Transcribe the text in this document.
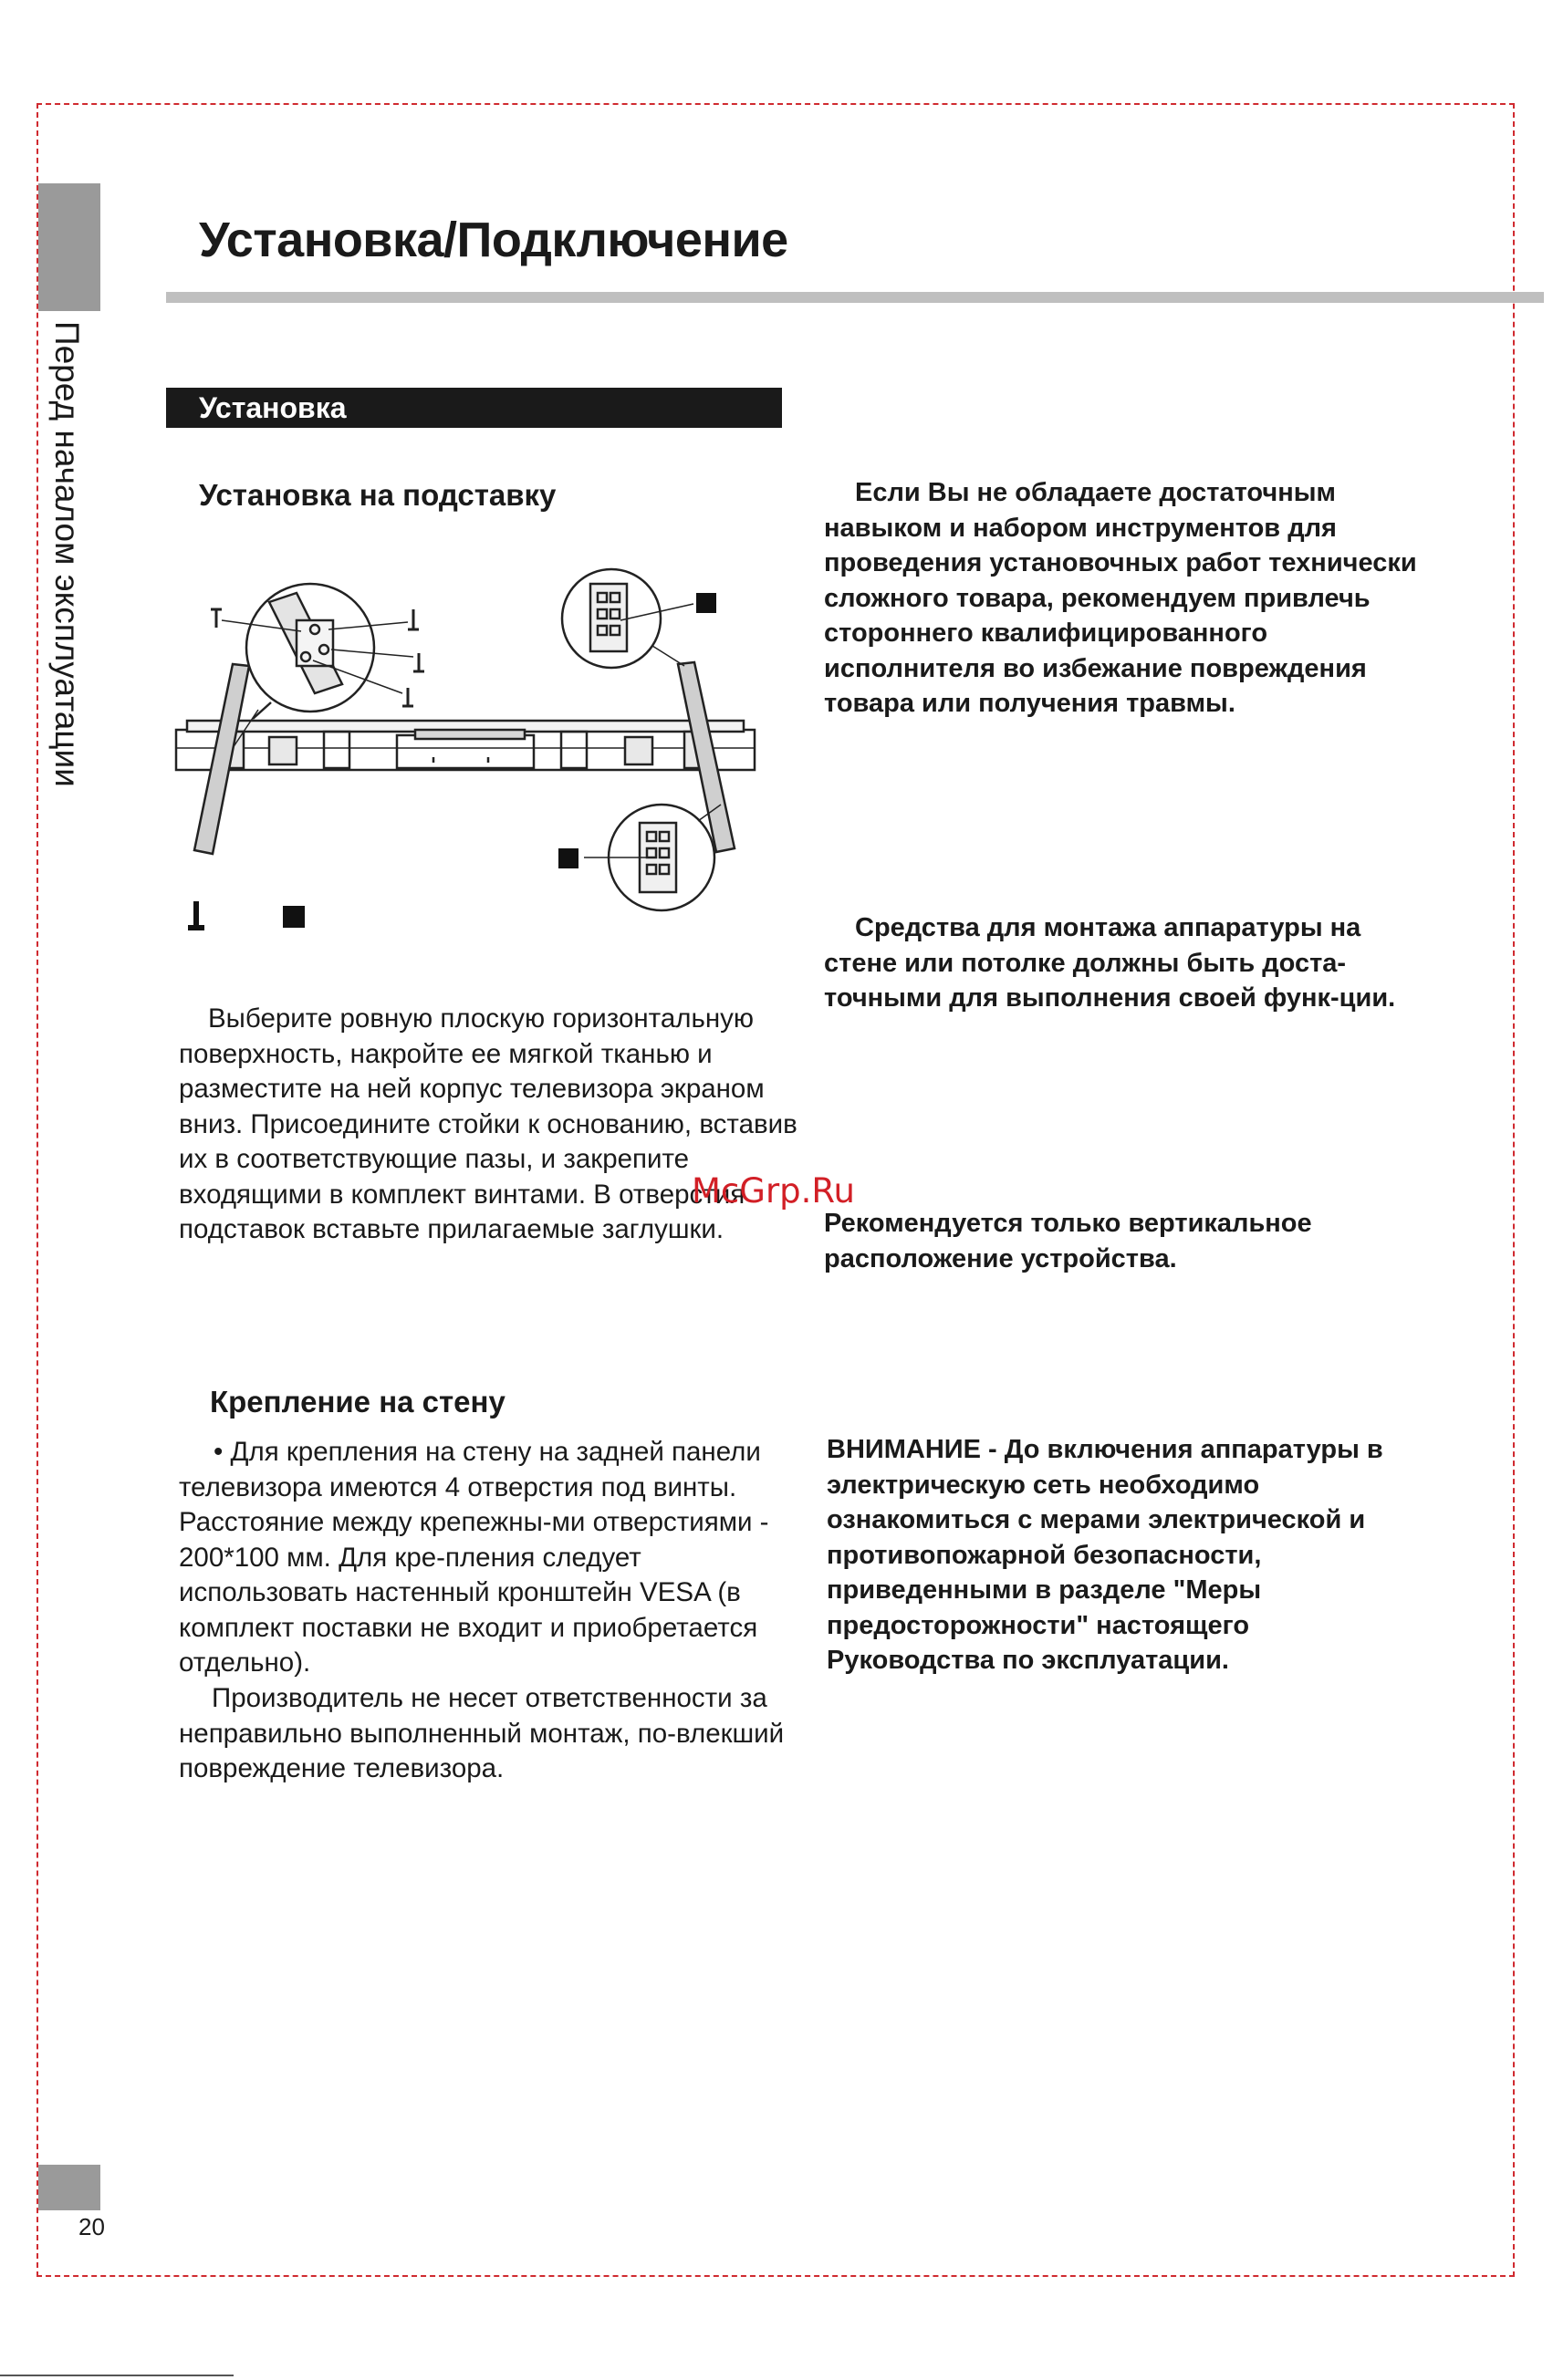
Перед началом эксплуатации
20
Установка/Подключение
Установка
Установка на подставку

Выберите ровную плоскую горизонтальную поверхность, накройте ее мягкой тканью и разместите на ней корпус телевизора экраном вниз. Присоедините стойки к основанию, вставив их в соответствующие пазы, и закрепите входящими в комплект винтами. В отверстия подставок вставьте прилагаемые заглушки.

Крепление на стену

• Для крепления на стену на задней панели телевизора имеются 4 отверстия под винты. Расстояние между крепежны-ми отверстиями - 200*100 мм. Для кре-пления следует использовать настенный кронштейн VESA (в комплект поставки не входит и приобретается отдельно).

Производитель не несет ответственности за неправильно выполненный монтаж, по-влекший повреждение телевизора.

Если Вы не обладаете достаточным навыком и набором инструментов для проведения установочных работ технически сложного товара, рекомендуем привлечь стороннего квалифицированного исполнителя во избежание повреждения товара или получения травмы.

Средства для монтажа аппаратуры на стене или потолке должны быть доста-точными для выполнения своей функ-ции.

Рекомендуется только вертикальное расположение устройства.

ВНИМАНИЕ - До включения аппаратуры в электрическую сеть необходимо ознакомиться с мерами электрической и противопожарной безопасности, приведенными в разделе "Меры предосторожности" настоящего Руководства по эксплуатации.

McGrp.Ru
